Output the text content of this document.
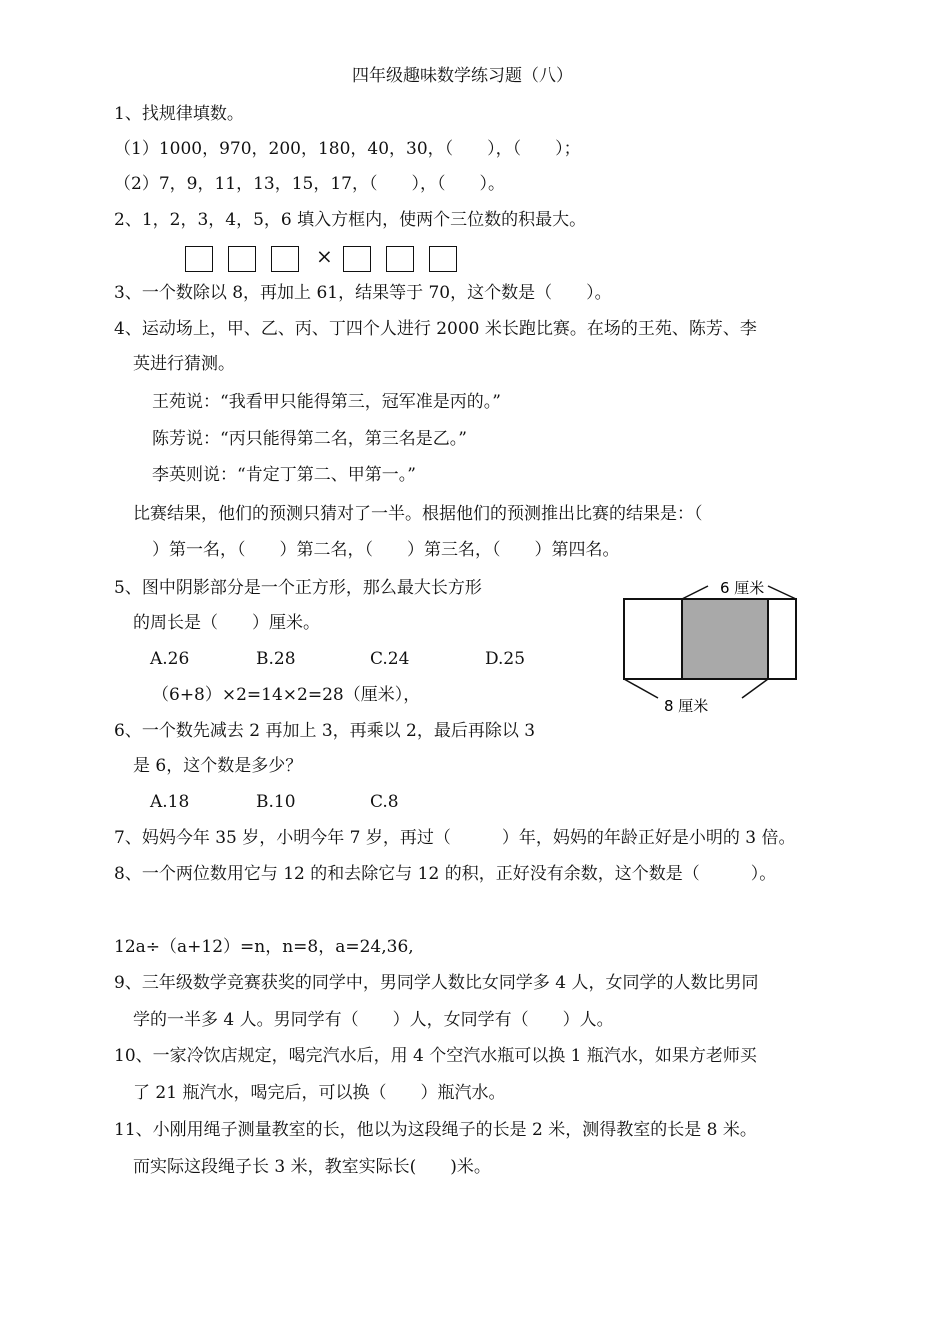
四年级趣味数学练习题（八）
1、找规律填数。
（1）1000，970，200，180，40，30，（　　），（　　）；
（2）7，9，11，13，15，17，（　　），（　　）。
2、1，2，3，4，5，6 填入方框内，使两个三位数的积最大。
×
3、一个数除以 8，再加上 61，结果等于 70，这个数是（　　）。
4、运动场上，甲、乙、丙、丁四个人进行 2000 米长跑比赛。在场的王苑、陈芳、李
英进行猜测。
王苑说：“我看甲只能得第三，冠军准是丙的。”
陈芳说：“丙只能得第二名，第三名是乙。”
李英则说：“肯定丁第二、甲第一。”
比赛结果，他们的预测只猜对了一半。根据他们的预测推出比赛的结果是：（
）第一名，（　　）第二名，（　　）第三名，（　　）第四名。
5、图中阴影部分是一个正方形，那么最大长方形
的周长是（　　）厘米。
A.26	B.28	C.24	D.25
（6+8）×2=14×2=28（厘米），
6 厘米
8 厘米
6、一个数先减去 2 再加上 3，再乘以 2，最后再除以 3
是 6，这个数是多少？
A.18	B.10	C.8
7、妈妈今年 35 岁，小明今年 7 岁，再过（　　　）年，妈妈的年龄正好是小明的 3 倍。
8、一个两位数用它与 12 的和去除它与 12 的积，正好没有余数，这个数是（　　　）。
12a÷（a+12）=n，n=8，a=24,36,
9、三年级数学竞赛获奖的同学中，男同学人数比女同学多 4 人，女同学的人数比男同
学的一半多 4 人。男同学有（　　）人，女同学有（　　）人。
10、一家冷饮店规定，喝完汽水后，用 4 个空汽水瓶可以换 1 瓶汽水，如果方老师买
了 21 瓶汽水，喝完后，可以换（　　）瓶汽水。
11、小刚用绳子测量教室的长，他以为这段绳子的长是 2 米，测得教室的长是 8 米。
而实际这段绳子长 3 米，教室实际长(　　)米。
